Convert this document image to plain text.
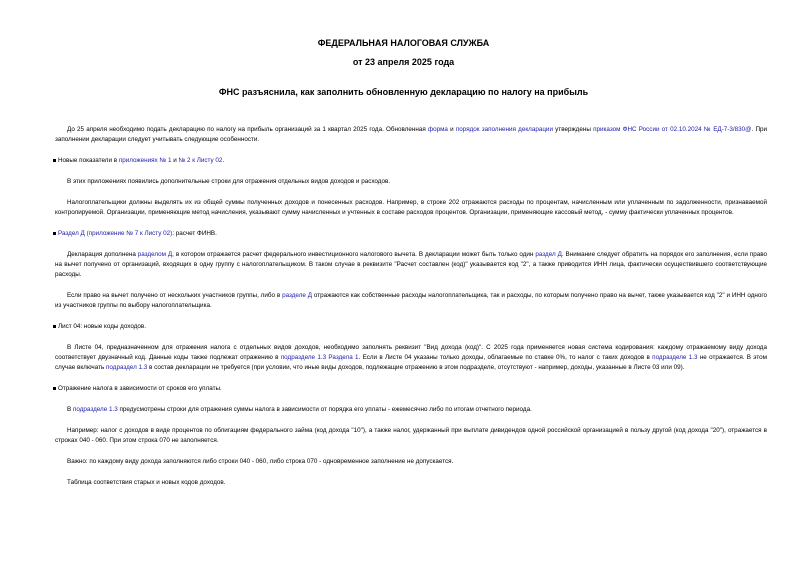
ФЕДЕРАЛЬНАЯ НАЛОГОВАЯ СЛУЖБА
от 23 апреля 2025 года
ФНС разъяснила, как заполнить обновленную декларацию по налогу на прибыль

До 25 апреля необходимо подать декларацию по налогу на прибыль организаций за 1 квартал 2025 года. Обновленная форма и порядок заполнения декларации утверждены приказом ФНС России от 02.10.2024 № ЕД-7-3/830@. При заполнении декларации следует учитывать следующие особенности.

Новые показатели в приложениях № 1 и № 2 к Листу 02.

В этих приложениях появились дополнительные строки для отражения отдельных видов доходов и расходов.

Налогоплательщики должны выделять их из общей суммы полученных доходов и понесенных расходов. Например, в строке 202 отражаются расходы по процентам, начисленным или уплаченным по задолженности, признаваемой контролируемой. Организации, применяющие метод начисления, указывают сумму начисленных и учтенных в составе расходов процентов. Организации, применяющие кассовый метод, - сумму фактически уплаченных процентов.

Раздел Д (приложение № 7 к Листу 02): расчет ФИНВ.

Декларация дополнена разделом Д, в котором отражается расчет федерального инвестиционного налогового вычета. В декларации может быть только один раздел Д. Внимание следует обратить на порядок его заполнения, если право на вычет получено от организаций, входящих в одну группу с налогоплательщиком. В таком случае в реквизите "Расчет составлен (код)" указывается код "2", а также приводится ИНН лица, фактически осуществившего соответствующие расходы.

Если право на вычет получено от нескольких участников группы, либо в разделе Д отражаются как собственные расходы налогоплательщика, так и расходы, по которым получено право на вычет, также указывается код "2" и ИНН одного из участников группы по выбору налогоплательщика.

Лист 04: новые коды доходов.

В Листе 04, предназначенном для отражения налога с отдельных видов доходов, необходимо заполнять реквизит "Вид дохода (код)". С 2025 года применяется новая система кодирования: каждому отражаемому виду дохода соответствует двузначный код. Данные коды также подлежат отражению в подразделе 1.3 Раздела 1. Если в Листе 04 указаны только доходы, облагаемые по ставке 0%, то налог с таких доходов в подразделе 1.3 не отражается. В этом случае включать подраздел 1.3 в состав декларации не требуется (при условии, что иные виды доходов, подлежащие отражению в этом подразделе, отсутствуют - например, доходы, указанные в Листе 03 или 09).

Отражение налога в зависимости от сроков его уплаты.

В подразделе 1.3 предусмотрены строки для отражения суммы налога в зависимости от порядка его уплаты - ежемесячно либо по итогам отчетного периода.

Например: налог с доходов в виде процентов по облигациям федерального займа (код дохода "10"), а также налог, удержанный при выплате дивидендов одной российской организацией в пользу другой (код дохода "20"), отражается в строках 040 - 060. При этом строка 070 не заполняется.

Важно: по каждому виду дохода заполняются либо строки 040 - 060, либо строка 070 - одновременное заполнение не допускается.

Таблица соответствия старых и новых кодов доходов.
